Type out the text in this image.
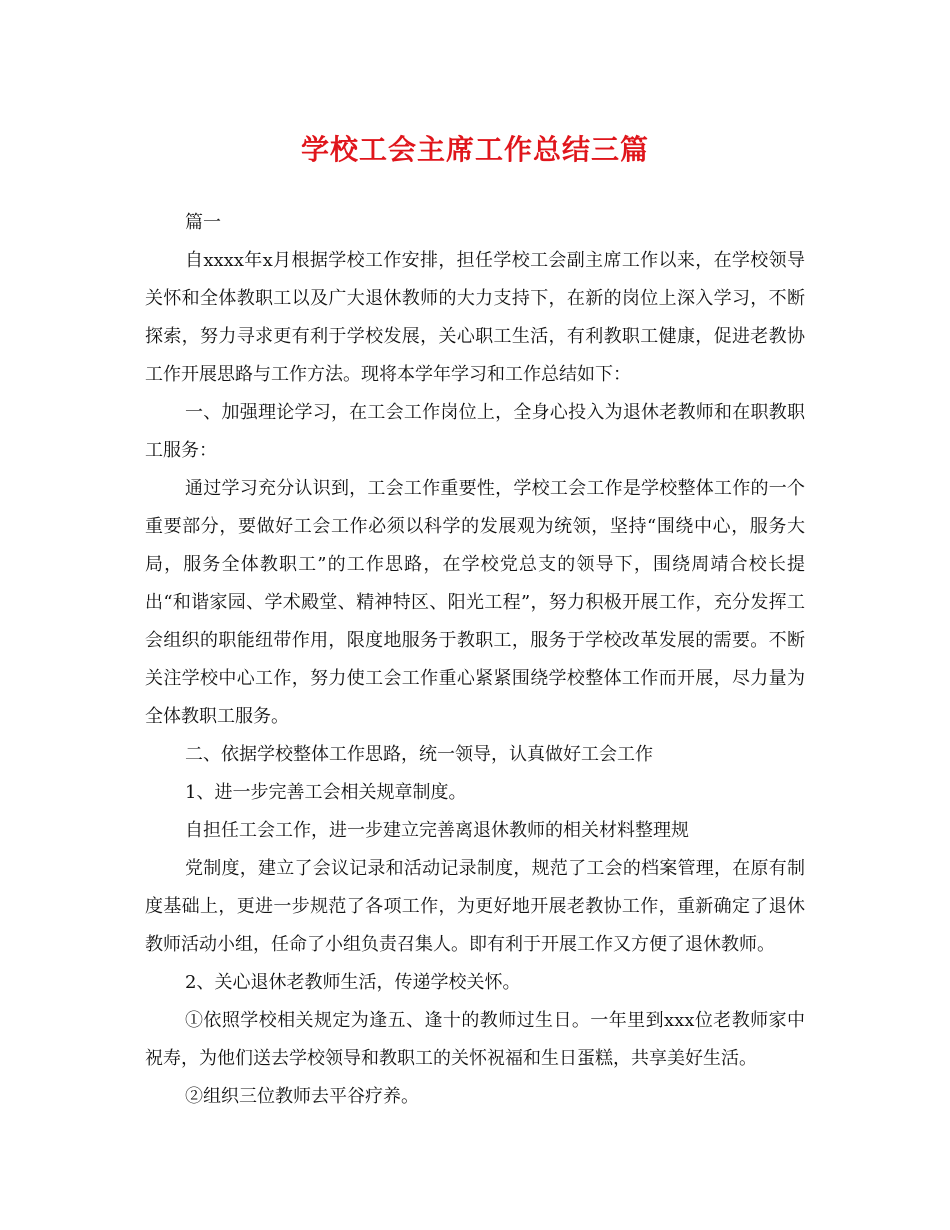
学校工会主席工作总结三篇

篇一

自xxxx年x月根据学校工作安排，担任学校工会副主席工作以来，在学校领导关怀和全体教职工以及广大退休教师的大力支持下，在新的岗位上深入学习，不断探索，努力寻求更有利于学校发展，关心职工生活，有利教职工健康，促进老教协工作开展思路与工作方法。现将本学年学习和工作总结如下：

一、加强理论学习，在工会工作岗位上，全身心投入为退休老教师和在职教职工服务：

通过学习充分认识到，工会工作重要性，学校工会工作是学校整体工作的一个重要部分，要做好工会工作必须以科学的发展观为统领，坚持“围绕中心，服务大局，服务全体教职工”的工作思路，在学校党总支的领导下，围绕周靖合校长提出“和谐家园、学术殿堂、精神特区、阳光工程”，努力积极开展工作，充分发挥工会组织的职能纽带作用，限度地服务于教职工，服务于学校改革发展的需要。不断关注学校中心工作，努力使工会工作重心紧紧围绕学校整体工作而开展，尽力量为全体教职工服务。

二、依据学校整体工作思路，统一领导，认真做好工会工作

1、进一步完善工会相关规章制度。

自担任工会工作，进一步建立完善离退休教师的相关材料整理规

党制度，建立了会议记录和活动记录制度，规范了工会的档案管理，在原有制度基础上，更进一步规范了各项工作，为更好地开展老教协工作，重新确定了退休教师活动小组，任命了小组负责召集人。即有利于开展工作又方便了退休教师。

2、关心退休老教师生活，传递学校关怀。

①依照学校相关规定为逢五、逢十的教师过生日。一年里到xxx位老教师家中祝寿，为他们送去学校领导和教职工的关怀祝福和生日蛋糕，共享美好生活。

②组织三位教师去平谷疗养。
